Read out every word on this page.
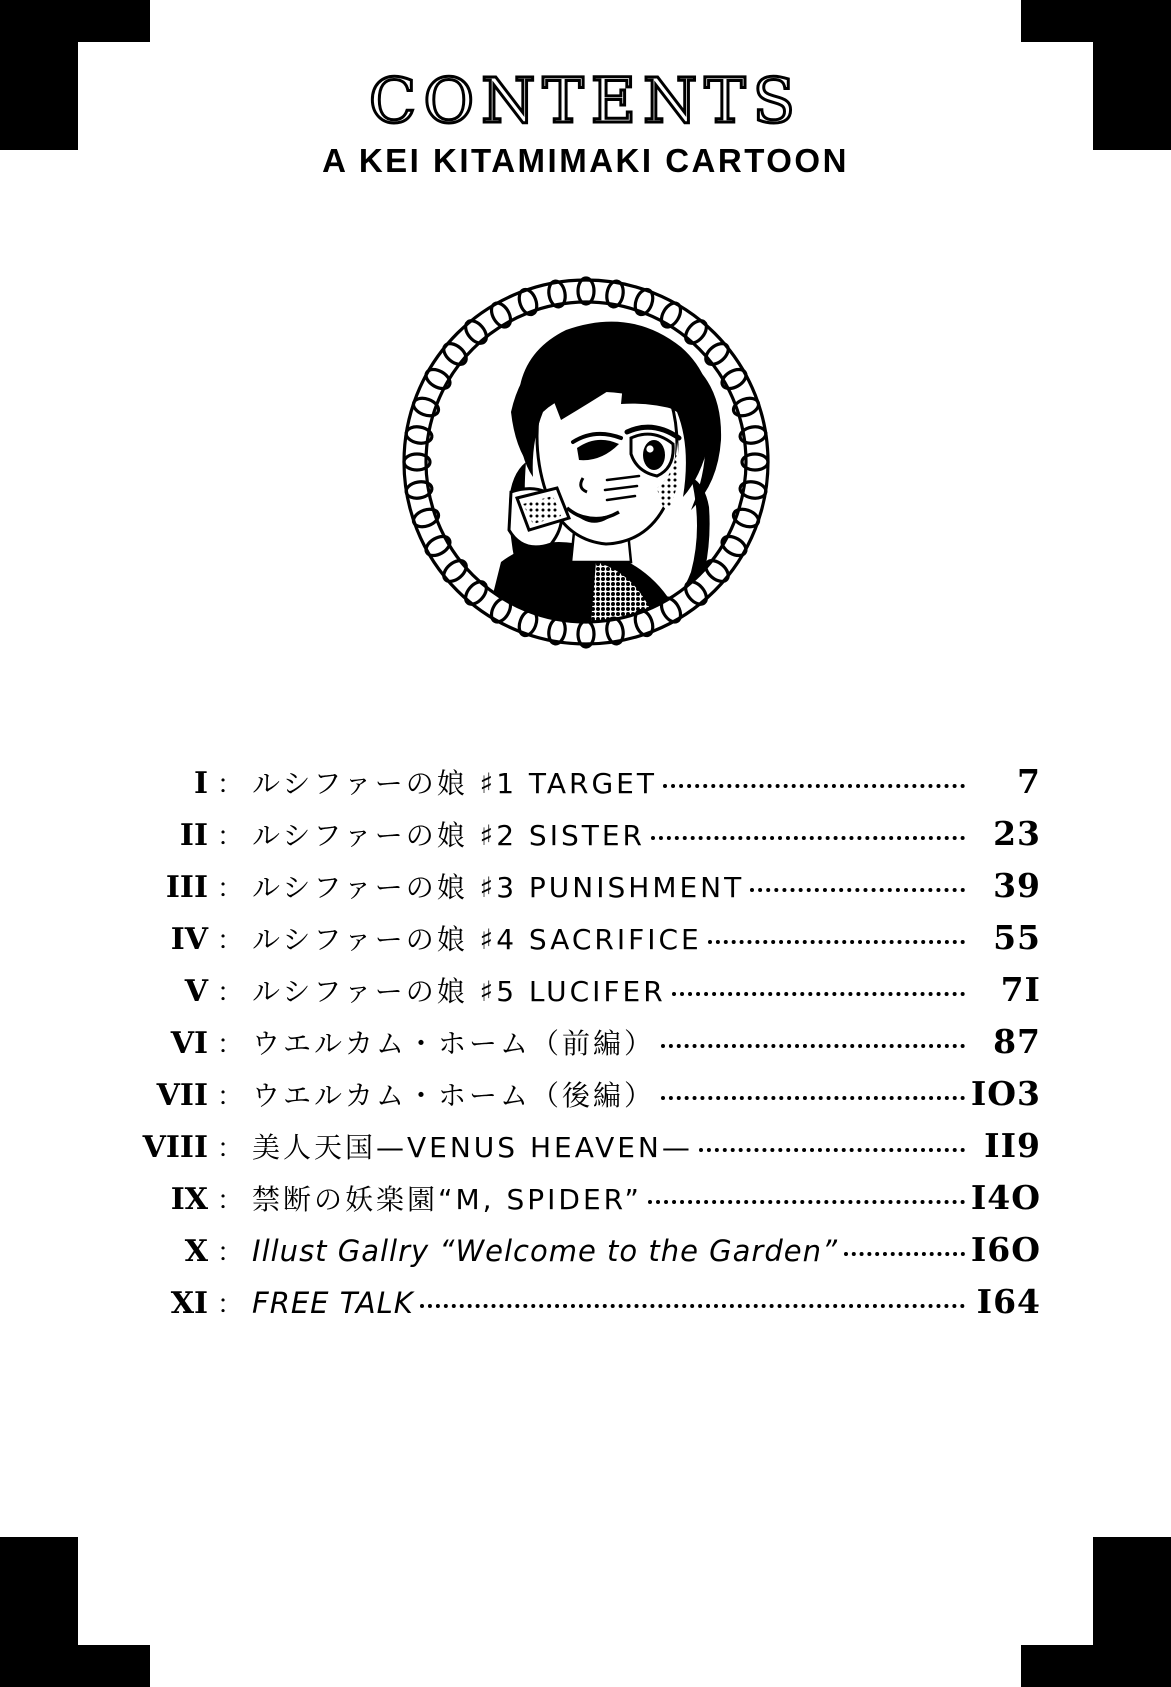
CONTENTS
A KEI KITAMIMAKI CARTOON
I ： ルシファーの娘 ♯1 TARGET	7
II ： ルシファーの娘 ♯2 SISTER	23
III ： ルシファーの娘 ♯3 PUNISHMENT	39
IV ： ルシファーの娘 ♯4 SACRIFICE	55
V ： ルシファーの娘 ♯5 LUCIFER	7I
VI ： ウエルカム・ホーム（前編）	87
VII ： ウエルカム・ホーム（後編）	IO3
VIII ： 美人天国—VENUS HEAVEN—	II9
IX ： 禁断の妖楽園“M, SPIDER”	I4O
X ： Illust Gallry “Welcome to the Garden”	I6O
XI ： FREE TALK	I64
